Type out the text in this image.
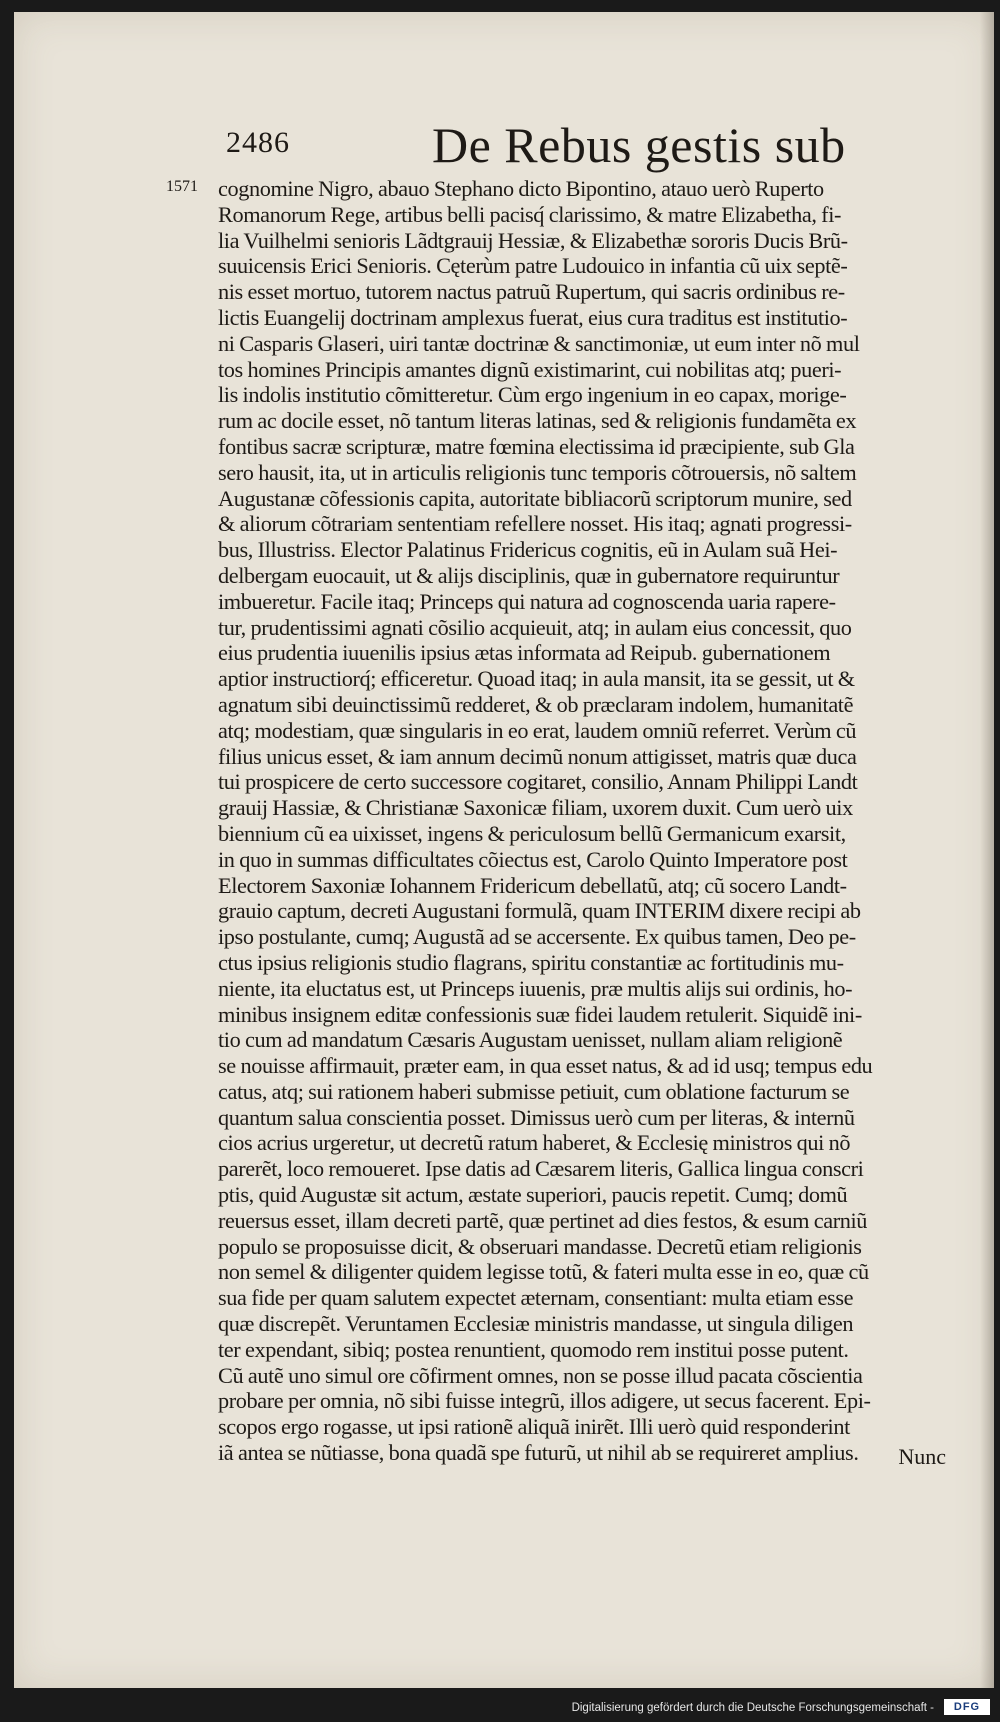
2486	De Rebus gestis sub
1571 cognomine Nigro, abauo Stephano dicto Bipontino, atauo uerò Ruperto
Romanorum Rege, artibus belli pacisq́ clarissimo, & matre Elizabetha, fi-
lia Vuilhelmi senioris Lãdtgrauij Hessiæ, & Elizabethæ sororis Ducis Brũ-
suuicensis Erici Senioris. Cęterùm patre Ludouico in infantia cũ uix septẽ-
nis esset mortuo, tutorem nactus patruũ Rupertum, qui sacris ordinibus re-
lictis Euangelij doctrinam amplexus fuerat, eius cura traditus est institutio-
ni Casparis Glaseri, uiri tantæ doctrinæ & sanctimoniæ, ut eum inter nõ mul
tos homines Principis amantes dignũ existimarint, cui nobilitas atq; pueri-
lis indolis institutio cõmitteretur. Cùm ergo ingenium in eo capax, morige-
rum ac docile esset, nõ tantum literas latinas, sed & religionis fundamẽta ex
fontibus sacræ scripturæ, matre fœmina electissima id præcipiente, sub Gla
sero hausit, ita, ut in articulis religionis tunc temporis cõtrouersis, nõ saltem
Augustanæ cõfessionis capita, autoritate bibliacorũ scriptorum munire, sed
& aliorum cõtrariam sententiam refellere nosset. His itaq; agnati progressi-
bus, Illustriss. Elector Palatinus Fridericus cognitis, eũ in Aulam suã Hei-
delbergam euocauit, ut & alijs disciplinis, quæ in gubernatore requiruntur
imbueretur. Facile itaq; Princeps qui natura ad cognoscenda uaria rapere-
tur, prudentissimi agnati cõsilio acquieuit, atq; in aulam eius concessit, quo
eius prudentia iuuenilis ipsius ætas informata ad Reipub. gubernationem
aptior instructiorq́; efficeretur. Quoad itaq; in aula mansit, ita se gessit, ut &
agnatum sibi deuinctissimũ redderet, & ob præclaram indolem, humanitatẽ
atq; modestiam, quæ singularis in eo erat, laudem omniũ referret. Verùm cũ
filius unicus esset, & iam annum decimũ nonum attigisset, matris quæ duca
tui prospicere de certo successore cogitaret, consilio, Annam Philippi Landt
grauij Hassiæ, & Christianæ Saxonicæ filiam, uxorem duxit. Cum uerò uix
biennium cũ ea uixisset, ingens & periculosum bellũ Germanicum exarsit,
in quo in summas difficultates cõiectus est, Carolo Quinto Imperatore post
Electorem Saxoniæ Iohannem Fridericum debellatũ, atq; cũ socero Landt-
grauio captum, decreti Augustani formulã, quam INTERIM dixere recipi ab
ipso postulante, cumq; Augustã ad se accersente. Ex quibus tamen, Deo pe-
ctus ipsius religionis studio flagrans, spiritu constantiæ ac fortitudinis mu-
niente, ita eluctatus est, ut Princeps iuuenis, præ multis alijs sui ordinis, ho-
minibus insignem editæ confessionis suæ fidei laudem retulerit. Siquidẽ ini-
tio cum ad mandatum Cæsaris Augustam uenisset, nullam aliam religionẽ
se nouisse affirmauit, præter eam, in qua esset natus, & ad id usq; tempus edu
catus, atq; sui rationem haberi submisse petiuit, cum oblatione facturum se
quantum salua conscientia posset. Dimissus uerò cum per literas, & internũ
cios acrius urgeretur, ut decretũ ratum haberet, & Ecclesię ministros qui nõ
parerẽt, loco remoueret. Ipse datis ad Cæsarem literis, Gallica lingua conscri
ptis, quid Augustæ sit actum, æstate superiori, paucis repetit. Cumq; domũ
reuersus esset, illam decreti partẽ, quæ pertinet ad dies festos, & esum carniũ
populo se proposuisse dicit, & obseruari mandasse. Decretũ etiam religionis
non semel & diligenter quidem legisse totũ, & fateri multa esse in eo, quæ cũ
sua fide per quam salutem expectet æternam, consentiant: multa etiam esse
quæ discrepẽt. Veruntamen Ecclesiæ ministris mandasse, ut singula diligen
ter expendant, sibiq; postea renuntient, quomodo rem institui posse putent.
Cũ autẽ uno simul ore cõfirment omnes, non se posse illud pacata cõscientia
probare per omnia, nõ sibi fuisse integrũ, illos adigere, ut secus facerent. Epi-
scopos ergo rogasse, ut ipsi rationẽ aliquã inirẽt. Illi uerò quid responderint
iã antea se nũtiasse, bona quadã spe futurũ, ut nihil ab se requireret amplius.	Nunc
Digitalisierung gefördert durch die Deutsche Forschungsgemeinschaft -	DFG
